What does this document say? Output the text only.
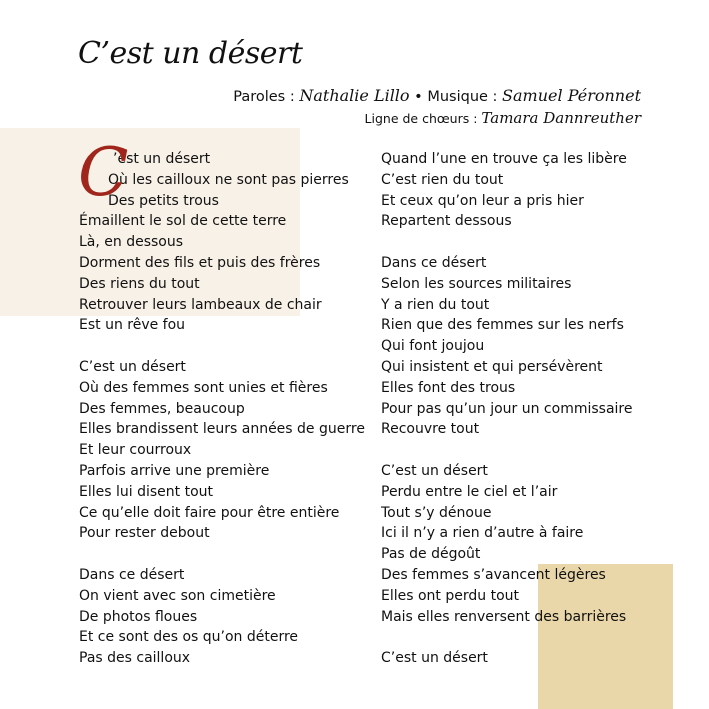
C’est un désert
Paroles : Nathalie Lillo • Musique : Samuel Péronnet
Ligne de chœurs : Tamara Dannreuther
C
’est un désert
Où les cailloux ne sont pas pierres
Des petits trous
Émaillent le sol de cette terre
Là, en dessous
Dorment des fils et puis des frères
Des riens du tout
Retrouver leurs lambeaux de chair
Est un rêve fou
C’est un désert
Où des femmes sont unies et fières
Des femmes, beaucoup
Elles brandissent leurs années de guerre
Et leur courroux
Parfois arrive une première
Elles lui disent tout
Ce qu’elle doit faire pour être entière
Pour rester debout
Dans ce désert
On vient avec son cimetière
De photos floues
Et ce sont des os qu’on déterre
Pas des cailloux
Quand l’une en trouve ça les libère
C’est rien du tout
Et ceux qu’on leur a pris hier
Repartent dessous
Dans ce désert
Selon les sources militaires
Y a rien du tout
Rien que des femmes sur les nerfs
Qui font joujou
Qui insistent et qui persévèrent
Elles font des trous
Pour pas qu’un jour un commissaire
Recouvre tout
C’est un désert
Perdu entre le ciel et l’air
Tout s’y dénoue
Ici il n’y a rien d’autre à faire
Pas de dégoût
Des femmes s’avancent légères
Elles ont perdu tout
Mais elles renversent des barrières
C’est un désert
